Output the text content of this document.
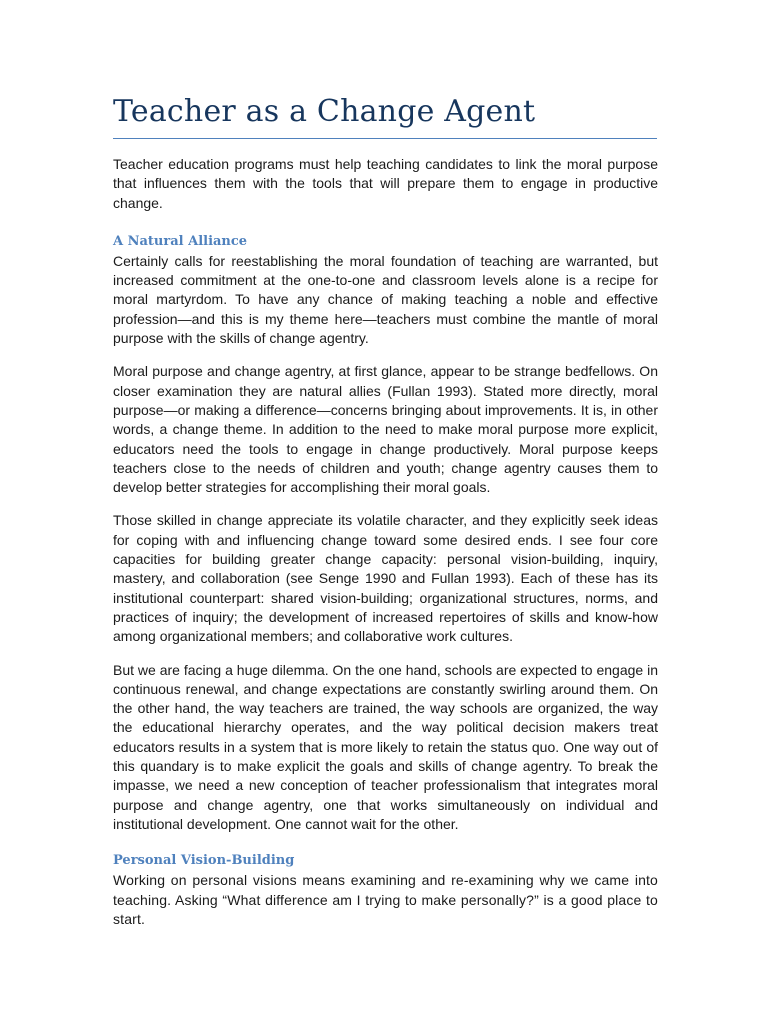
Teacher as a Change Agent

Teacher education programs must help teaching candidates to link the moral purpose that influences them with the tools that will prepare them to engage in productive change.

A Natural Alliance

Certainly calls for reestablishing the moral foundation of teaching are warranted, but increased commitment at the one-to-one and classroom levels alone is a recipe for moral martyrdom. To have any chance of making teaching a noble and effective profession—and this is my theme here—teachers must combine the mantle of moral purpose with the skills of change agentry.

Moral purpose and change agentry, at first glance, appear to be strange bedfellows. On closer examination they are natural allies (Fullan 1993). Stated more directly, moral purpose—or making a difference—concerns bringing about improvements. It is, in other words, a change theme. In addition to the need to make moral purpose more explicit, educators need the tools to engage in change productively. Moral purpose keeps teachers close to the needs of children and youth; change agentry causes them to develop better strategies for accomplishing their moral goals.

Those skilled in change appreciate its volatile character, and they explicitly seek ideas for coping with and influencing change toward some desired ends. I see four core capacities for building greater change capacity: personal vision-building, inquiry, mastery, and collaboration (see Senge 1990 and Fullan 1993). Each of these has its institutional counterpart: shared vision-building; organizational structures, norms, and practices of inquiry; the development of increased repertoires of skills and know-how among organizational members; and collaborative work cultures.

But we are facing a huge dilemma. On the one hand, schools are expected to engage in continuous renewal, and change expectations are constantly swirling around them. On the other hand, the way teachers are trained, the way schools are organized, the way the educational hierarchy operates, and the way political decision makers treat educators results in a system that is more likely to retain the status quo. One way out of this quandary is to make explicit the goals and skills of change agentry. To break the impasse, we need a new conception of teacher professionalism that integrates moral purpose and change agentry, one that works simultaneously on individual and institutional development. One cannot wait for the other.

Personal Vision-Building

Working on personal visions means examining and re-examining why we came into teaching. Asking “What difference am I trying to make personally?” is a good place to start.
